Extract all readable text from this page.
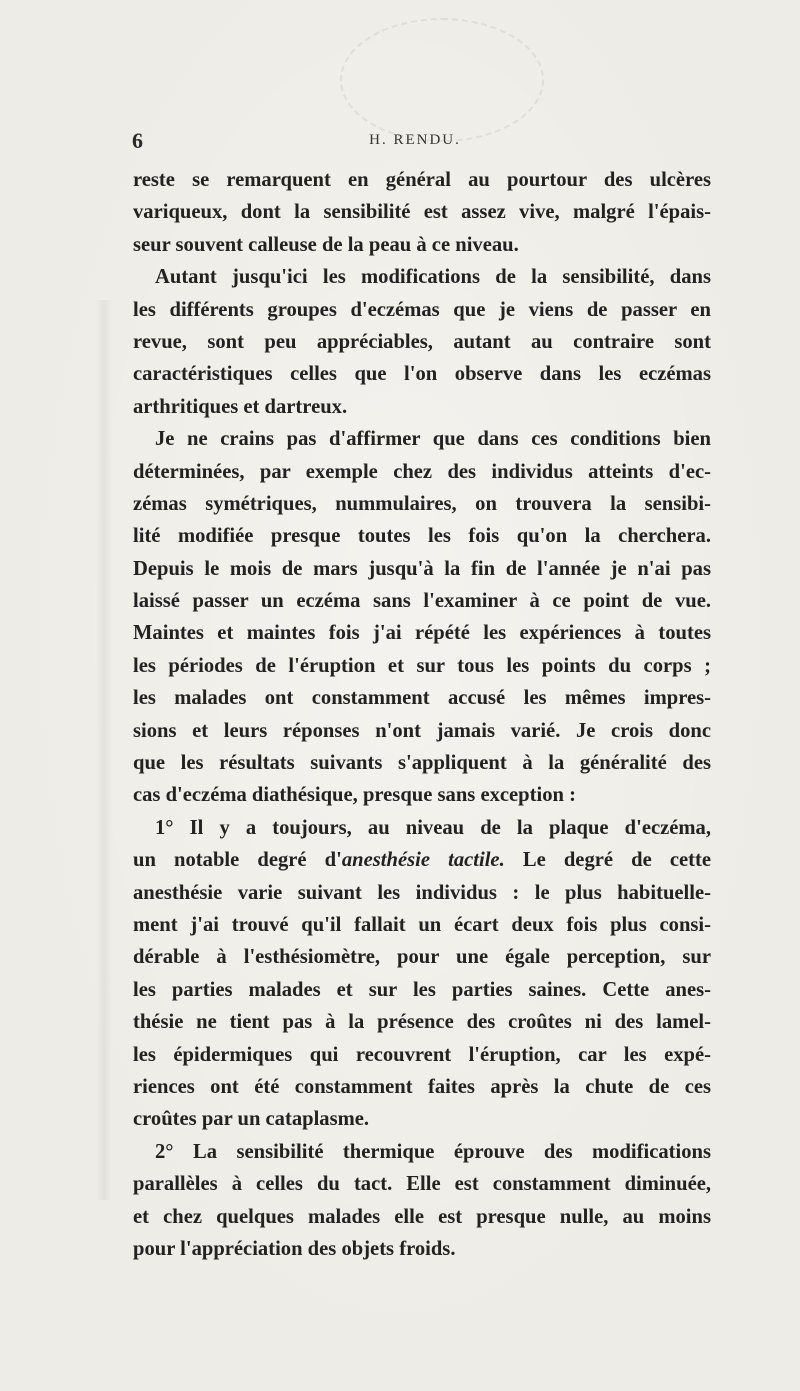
6	H. RENDU.
reste se remarquent en général au pourtour des ulcères
variqueux, dont la sensibilité est assez vive, malgré l'épais-
seur souvent calleuse de la peau à ce niveau.
Autant jusqu'ici les modifications de la sensibilité, dans
les différents groupes d'eczémas que je viens de passer en
revue, sont peu appréciables, autant au contraire sont
caractéristiques celles que l'on observe dans les eczémas
arthritiques et dartreux.
Je ne crains pas d'affirmer que dans ces conditions bien
déterminées, par exemple chez des individus atteints d'ec-
zémas symétriques, nummulaires, on trouvera la sensibi-
lité modifiée presque toutes les fois qu'on la cherchera.
Depuis le mois de mars jusqu'à la fin de l'année je n'ai pas
laissé passer un eczéma sans l'examiner à ce point de vue.
Maintes et maintes fois j'ai répété les expériences à toutes
les périodes de l'éruption et sur tous les points du corps ;
les malades ont constamment accusé les mêmes impres-
sions et leurs réponses n'ont jamais varié. Je crois donc
que les résultats suivants s'appliquent à la généralité des
cas d'eczéma diathésique, presque sans exception :
1° Il y a toujours, au niveau de la plaque d'eczéma,
un notable degré d'anesthésie tactile. Le degré de cette
anesthésie varie suivant les individus : le plus habituelle-
ment j'ai trouvé qu'il fallait un écart deux fois plus consi-
dérable à l'esthésiomètre, pour une égale perception, sur
les parties malades et sur les parties saines. Cette anes-
thésie ne tient pas à la présence des croûtes ni des lamel-
les épidermiques qui recouvrent l'éruption, car les expé-
riences ont été constamment faites après la chute de ces
croûtes par un cataplasme.
2° La sensibilité thermique éprouve des modifications
parallèles à celles du tact. Elle est constamment diminuée,
et chez quelques malades elle est presque nulle, au moins
pour l'appréciation des objets froids.
